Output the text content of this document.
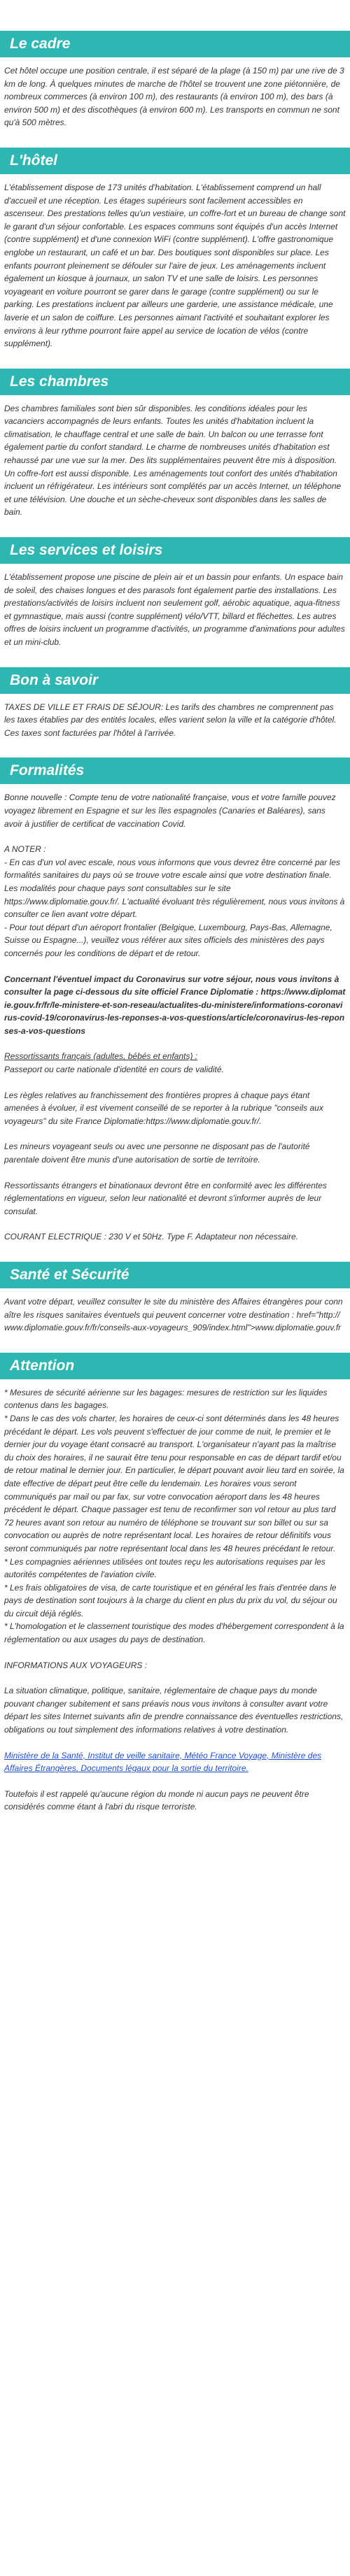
Le cadre

Cet hôtel occupe une position centrale, il est séparé de la plage (à 150 m) par une rive de 3 km de long. À quelques minutes de marche de l'hôtel se trouvent une zone piétonnière, de nombreux commerces (à environ 100 m), des restaurants (à environ 100 m), des bars (à environ 500 m) et des discothèques (à environ 600 m). Les transports en commun ne sont qu'à 500 mètres.

L'hôtel

L'établissement dispose de 173 unités d'habitation. L'établissement comprend un hall d'accueil et une réception. Les étages supérieurs sont facilement accessibles en ascenseur. Des prestations telles qu'un vestiaire, un coffre-fort et un bureau de change sont le garant d'un séjour confortable. Les espaces communs sont équipés d'un accès Internet (contre supplément) et d'une connexion WiFi (contre supplément). L'offre gastronomique englobe un restaurant, un café et un bar. Des boutiques sont disponibles sur place. Les enfants pourront pleinement se défouler sur l'aire de jeux. Les aménagements incluent également un kiosque à journaux, un salon TV et une salle de loisirs. Les personnes voyageant en voiture pourront se garer dans le garage (contre supplément) ou sur le parking. Les prestations incluent par ailleurs une garderie, une assistance médicale, une laverie et un salon de coiffure. Les personnes aimant l'activité et souhaitant explorer les environs à leur rythme pourront faire appel au service de location de vélos (contre supplément).

Les chambres

Des chambres familiales sont bien sûr disponibles. les conditions idéales pour les vacanciers accompagnés de leurs enfants. Toutes les unités d'habitation incluent la climatisation, le chauffage central et une salle de bain. Un balcon ou une terrasse font également partie du confort standard. Le charme de nombreuses unités d'habitation est rehaussé par une vue sur la mer. Des lits supplémentaires peuvent être mis à disposition. Un coffre-fort est aussi disponible. Les aménagements tout confort des unités d'habitation incluent un réfrigérateur. Les intérieurs sont complétés par un accès Internet, un téléphone et une télévision. Une douche et un sèche-cheveux sont disponibles dans les salles de bain.

Les services et loisirs

L'établissement propose une piscine de plein air et un bassin pour enfants. Un espace bain de soleil, des chaises longues et des parasols font également partie des installations. Les prestations/activités de loisirs incluent non seulement golf, aérobic aquatique, aqua-fitness et gymnastique, mais aussi (contre supplément) vélo/VTT, billard et fléchettes. Les autres offres de loisirs incluent un programme d'activités, un programme d'animations pour adultes et un mini-club.

Bon à savoir

TAXES DE VILLE ET FRAIS DE SÉJOUR: Les tarifs des chambres ne comprennent pas les taxes établies par des entités locales, elles varient selon la ville et la catégorie d'hôtel.

Ces taxes sont facturées par l'hôtel à l'arrivée.

Formalités

Bonne nouvelle : Compte tenu de votre nationalité française, vous et votre famille pouvez voyagez librement en Espagne et sur les îles espagnoles (Canaries et Baléares), sans avoir à justifier de certificat de vaccination Covid.

A NOTER :

- En cas d'un vol avec escale, nous vous informons que vous devrez être concerné par les formalités sanitaires du pays où se trouve votre escale ainsi que votre destination finale.

Les modalités pour chaque pays sont consultables sur le site https://www.diplomatie.gouv.fr/. L'actualité évoluant très régulièrement, nous vous invitons à consulter ce lien avant votre départ.

- Pour tout départ d'un aéroport frontalier (Belgique, Luxembourg, Pays-Bas, Allemagne, Suisse ou Espagne...), veuillez vous référer aux sites officiels des ministères des pays concernés pour les conditions de départ et de retour.

Concernant l'éventuel impact du Coronavirus sur votre séjour, nous vous invitons à consulter la page ci-dessous du site officiel France Diplomatie : https://www.diplomatie.gouv.fr/fr/le-ministere-et-son-reseau/actualites-du-ministere/informations-coronavirus-covid-19/coronavirus-les-reponses-a-vos-questions/article/coronavirus-les-reponses-a-vos-questions

Ressortissants français (adultes, bébés et enfants) :

Passeport ou carte nationale d'identité en cours de validité.

Les règles relatives au franchissement des frontières propres à chaque pays étant amenées à évoluer, il est vivement conseillé de se reporter à la rubrique "conseils aux voyageurs" du site France Diplomatie:https://www.diplomatie.gouv.fr/.

Les mineurs voyageant seuls ou avec une personne ne disposant pas de l'autorité parentale doivent être munis d'une autorisation de sortie de territoire.

Ressortissants étrangers et binationaux devront être en conformité avec les différentes réglementations en vigueur, selon leur nationalité et devront s'informer auprès de leur consulat.

COURANT ELECTRIQUE : 230 V et 50Hz. Type F. Adaptateur non nécessaire.

Santé et Sécurité

Avant votre départ, veuillez consulter le site du ministère des Affaires étrangères pour connaître les risques sanitaires éventuels qui peuvent concerner votre destination : href="http://www.diplomatie.gouv.fr/fr/conseils-aux-voyageurs_909/index.html">www.diplomatie.gouv.fr

Attention

* Mesures de sécurité aérienne sur les bagages: mesures de restriction sur les liquides contenus dans les bagages.

* Dans le cas des vols charter, les horaires de ceux-ci sont déterminés dans les 48 heures précédant le départ. Les vols peuvent s'effectuer de jour comme de nuit, le premier et le dernier jour du voyage étant consacré au transport. L'organisateur n'ayant pas la maîtrise du choix des horaires, il ne saurait être tenu pour responsable en cas de départ tardif et/ou de retour matinal le dernier jour. En particulier, le départ pouvant avoir lieu tard en soirée, la date effective de départ peut être celle du lendemain. Les horaires vous seront communiqués par mail ou par fax, sur votre convocation aéroport dans les 48 heures précédent le départ. Chaque passager est tenu de reconfirmer son vol retour au plus tard 72 heures avant son retour au numéro de téléphone se trouvant sur son billet ou sur sa convocation ou auprès de notre représentant local. Les horaires de retour définitifs vous seront communiqués par notre représentant local dans les 48 heures précédant le retour.

* Les compagnies aériennes utilisées ont toutes reçu les autorisations requises par les autorités compétentes de l'aviation civile.

* Les frais obligatoires de visa, de carte touristique et en général les frais d'entrée dans le pays de destination sont toujours à la charge du client en plus du prix du vol, du séjour ou du circuit déjà réglés.

* L'homologation et le classement touristique des modes d'hébergement correspondent à la réglementation ou aux usages du pays de destination.

INFORMATIONS AUX VOYAGEURS :

La situation climatique, politique, sanitaire, réglementaire de chaque pays du monde pouvant changer subitement et sans préavis nous vous invitons à consulter avant votre départ les sites Internet suivants afin de prendre connaissance des éventuelles restrictions, obligations ou tout simplement des informations relatives à votre destination.

Ministère de la Santé, Institut de veille sanitaire, Météo France Voyage, Ministère des Affaires Étrangères, Documents légaux pour la sortie du territoire.

Toutefois il est rappelé qu'aucune région du monde ni aucun pays ne peuvent être considérés comme étant à l'abri du risque terroriste.
